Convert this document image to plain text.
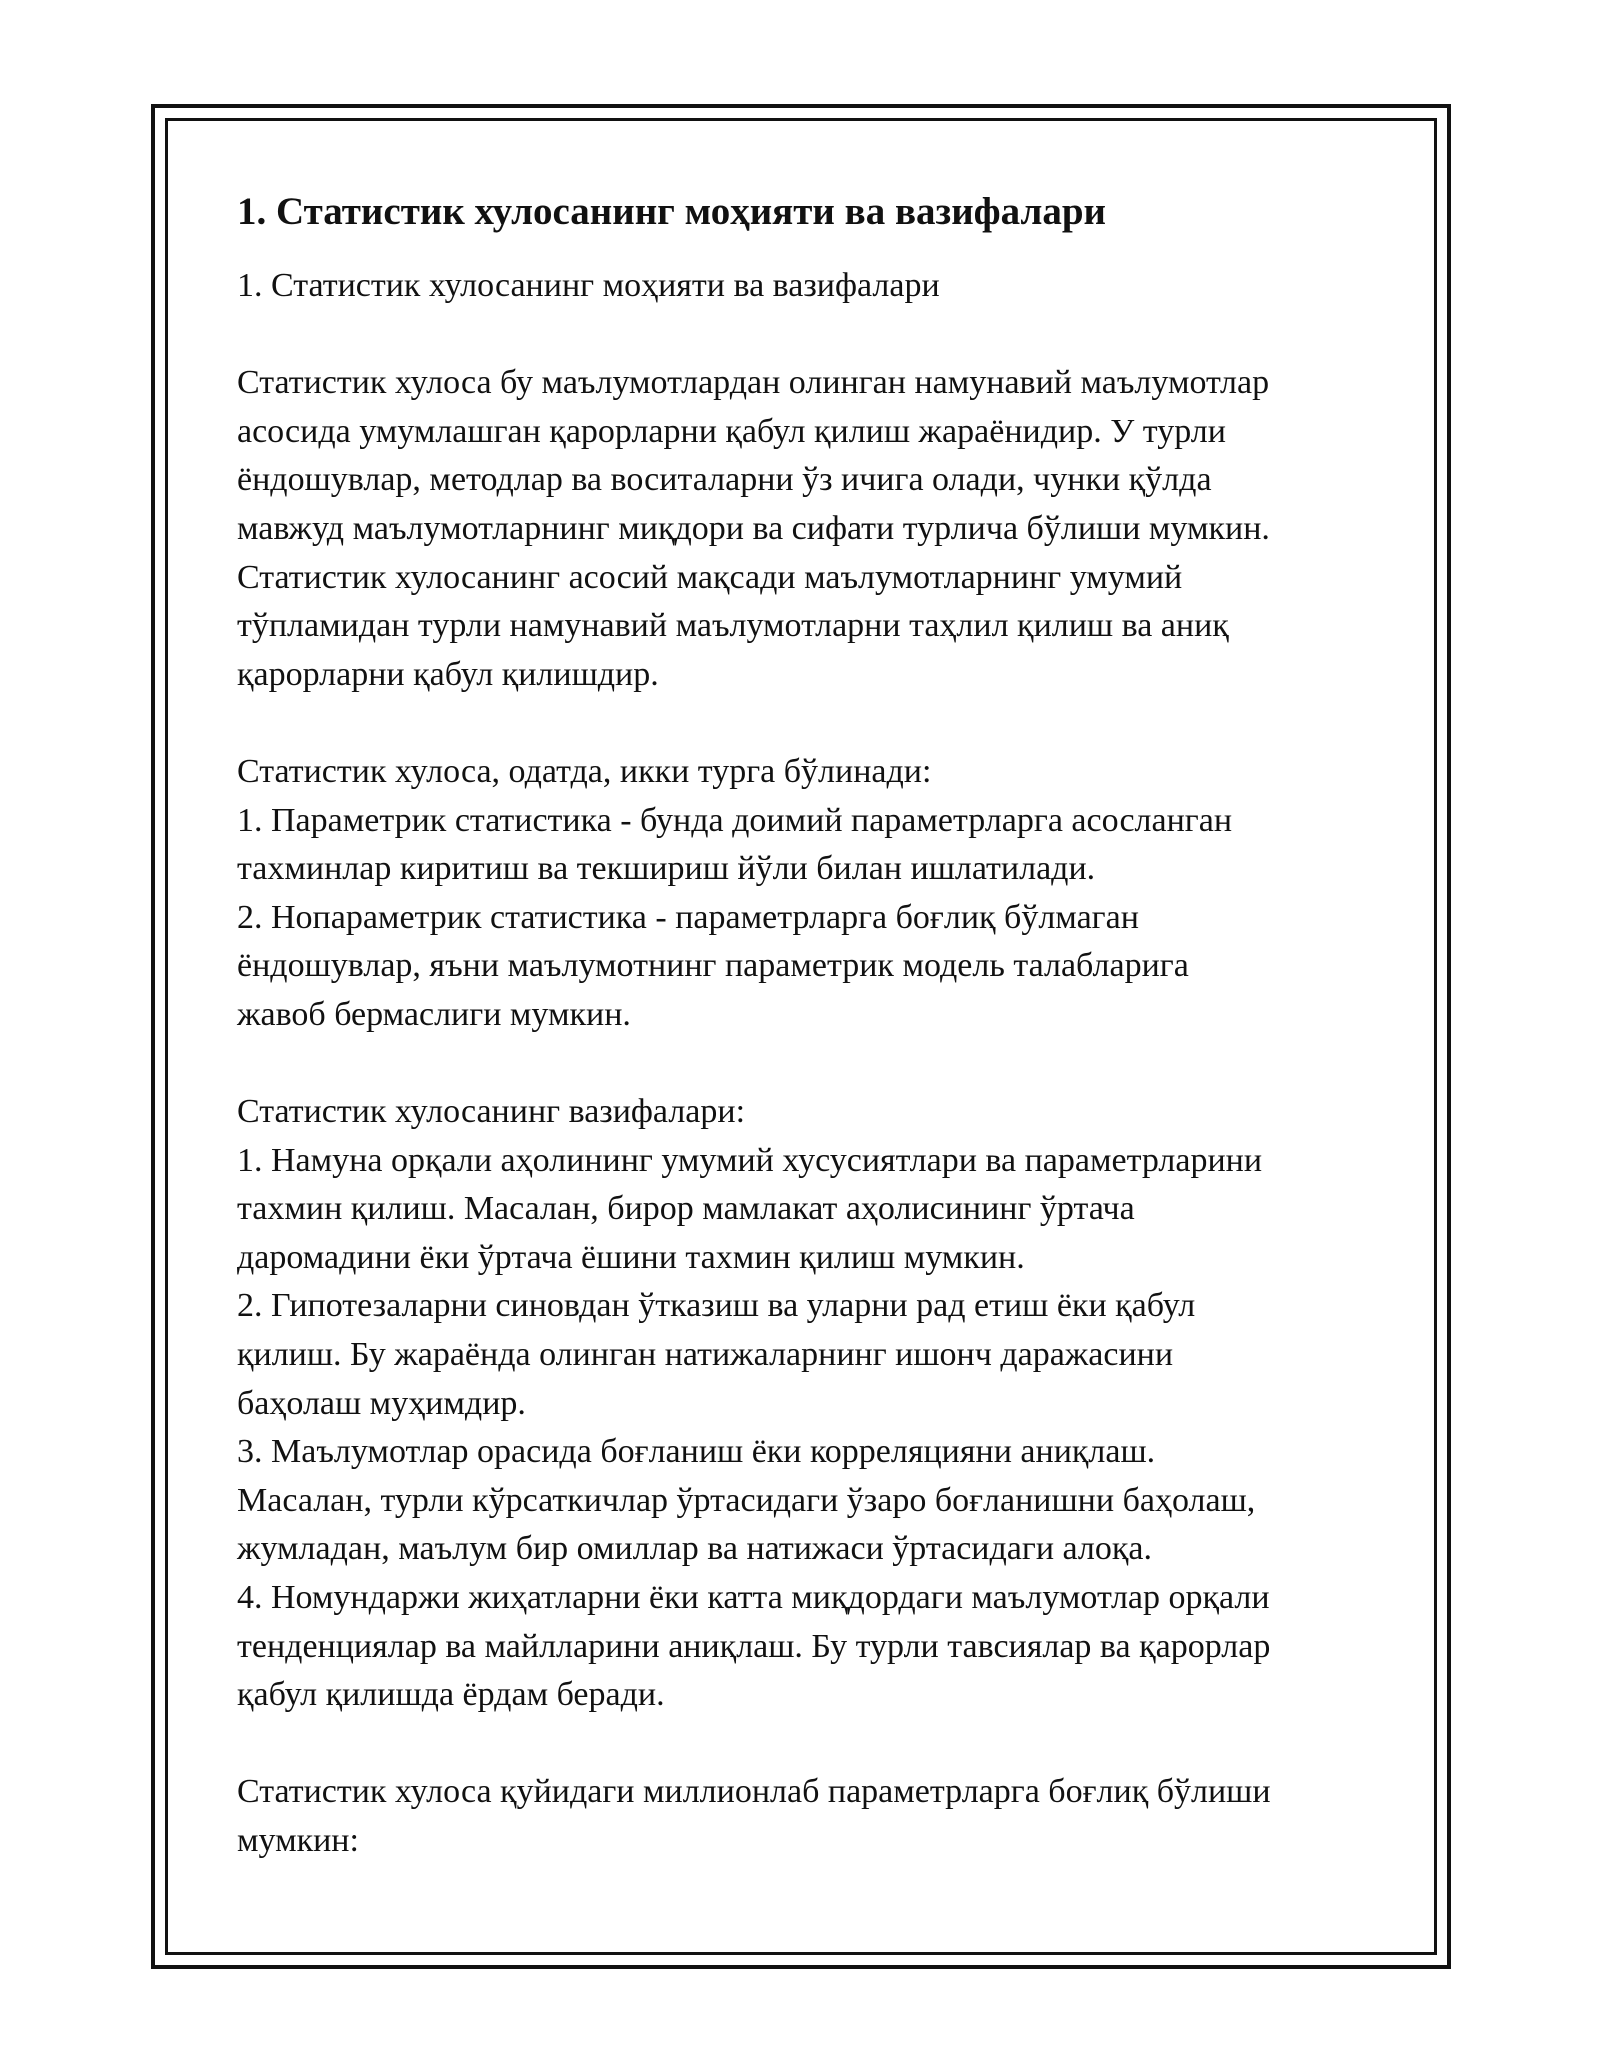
1. Статистик хулосанинг моҳияти ва вазифалари
1. Статистик хулосанинг моҳияти ва вазифалари
Статистик хулоса бу маълумотлардан олинган намунавий маълумотлар
асосида умумлашган қарорларни қабул қилиш жараёнидир. У турли
ёндошувлар, методлар ва воситаларни ўз ичига олади, чунки қўлда
мавжуд маълумотларнинг миқдори ва сифати турлича бўлиши мумкин.
Статистик хулосанинг асосий мақсади маълумотларнинг умумий
тўпламидан турли намунавий маълумотларни таҳлил қилиш ва аниқ
қарорларни қабул қилишдир.
Статистик хулоса, одатда, икки турга бўлинади:
1. Параметрик статистика - бунда доимий параметрларга асосланган
тахминлар киритиш ва текшириш йўли билан ишлатилади.
2. Нопараметрик статистика - параметрларга боғлиқ бўлмаган
ёндошувлар, яъни маълумотнинг параметрик модель талабларига
жавоб бермаслиги мумкин.
Статистик хулосанинг вазифалари:
1. Намуна орқали аҳолининг умумий хусусиятлари ва параметрларини
тахмин қилиш. Масалан, бирор мамлакат аҳолисининг ўртача
даромадини ёки ўртача ёшини тахмин қилиш мумкин.
2. Гипотезаларни синовдан ўтказиш ва уларни рад етиш ёки қабул
қилиш. Бу жараёнда олинган натижаларнинг ишонч даражасини
баҳолаш муҳимдир.
3. Маълумотлар орасида боғланиш ёки корреляцияни аниқлаш.
Масалан, турли кўрсаткичлар ўртасидаги ўзаро боғланишни баҳолаш,
жумладан, маълум бир омиллар ва натижаси ўртасидаги алоқа.
4. Номундаржи жиҳатларни ёки катта миқдордаги маълумотлар орқали
тенденциялар ва майлларини аниқлаш. Бу турли тавсиялар ва қарорлар
қабул қилишда ёрдам беради.
Статистик хулоса қуйидаги миллионлаб параметрларга боғлиқ бўлиши
мумкин:
